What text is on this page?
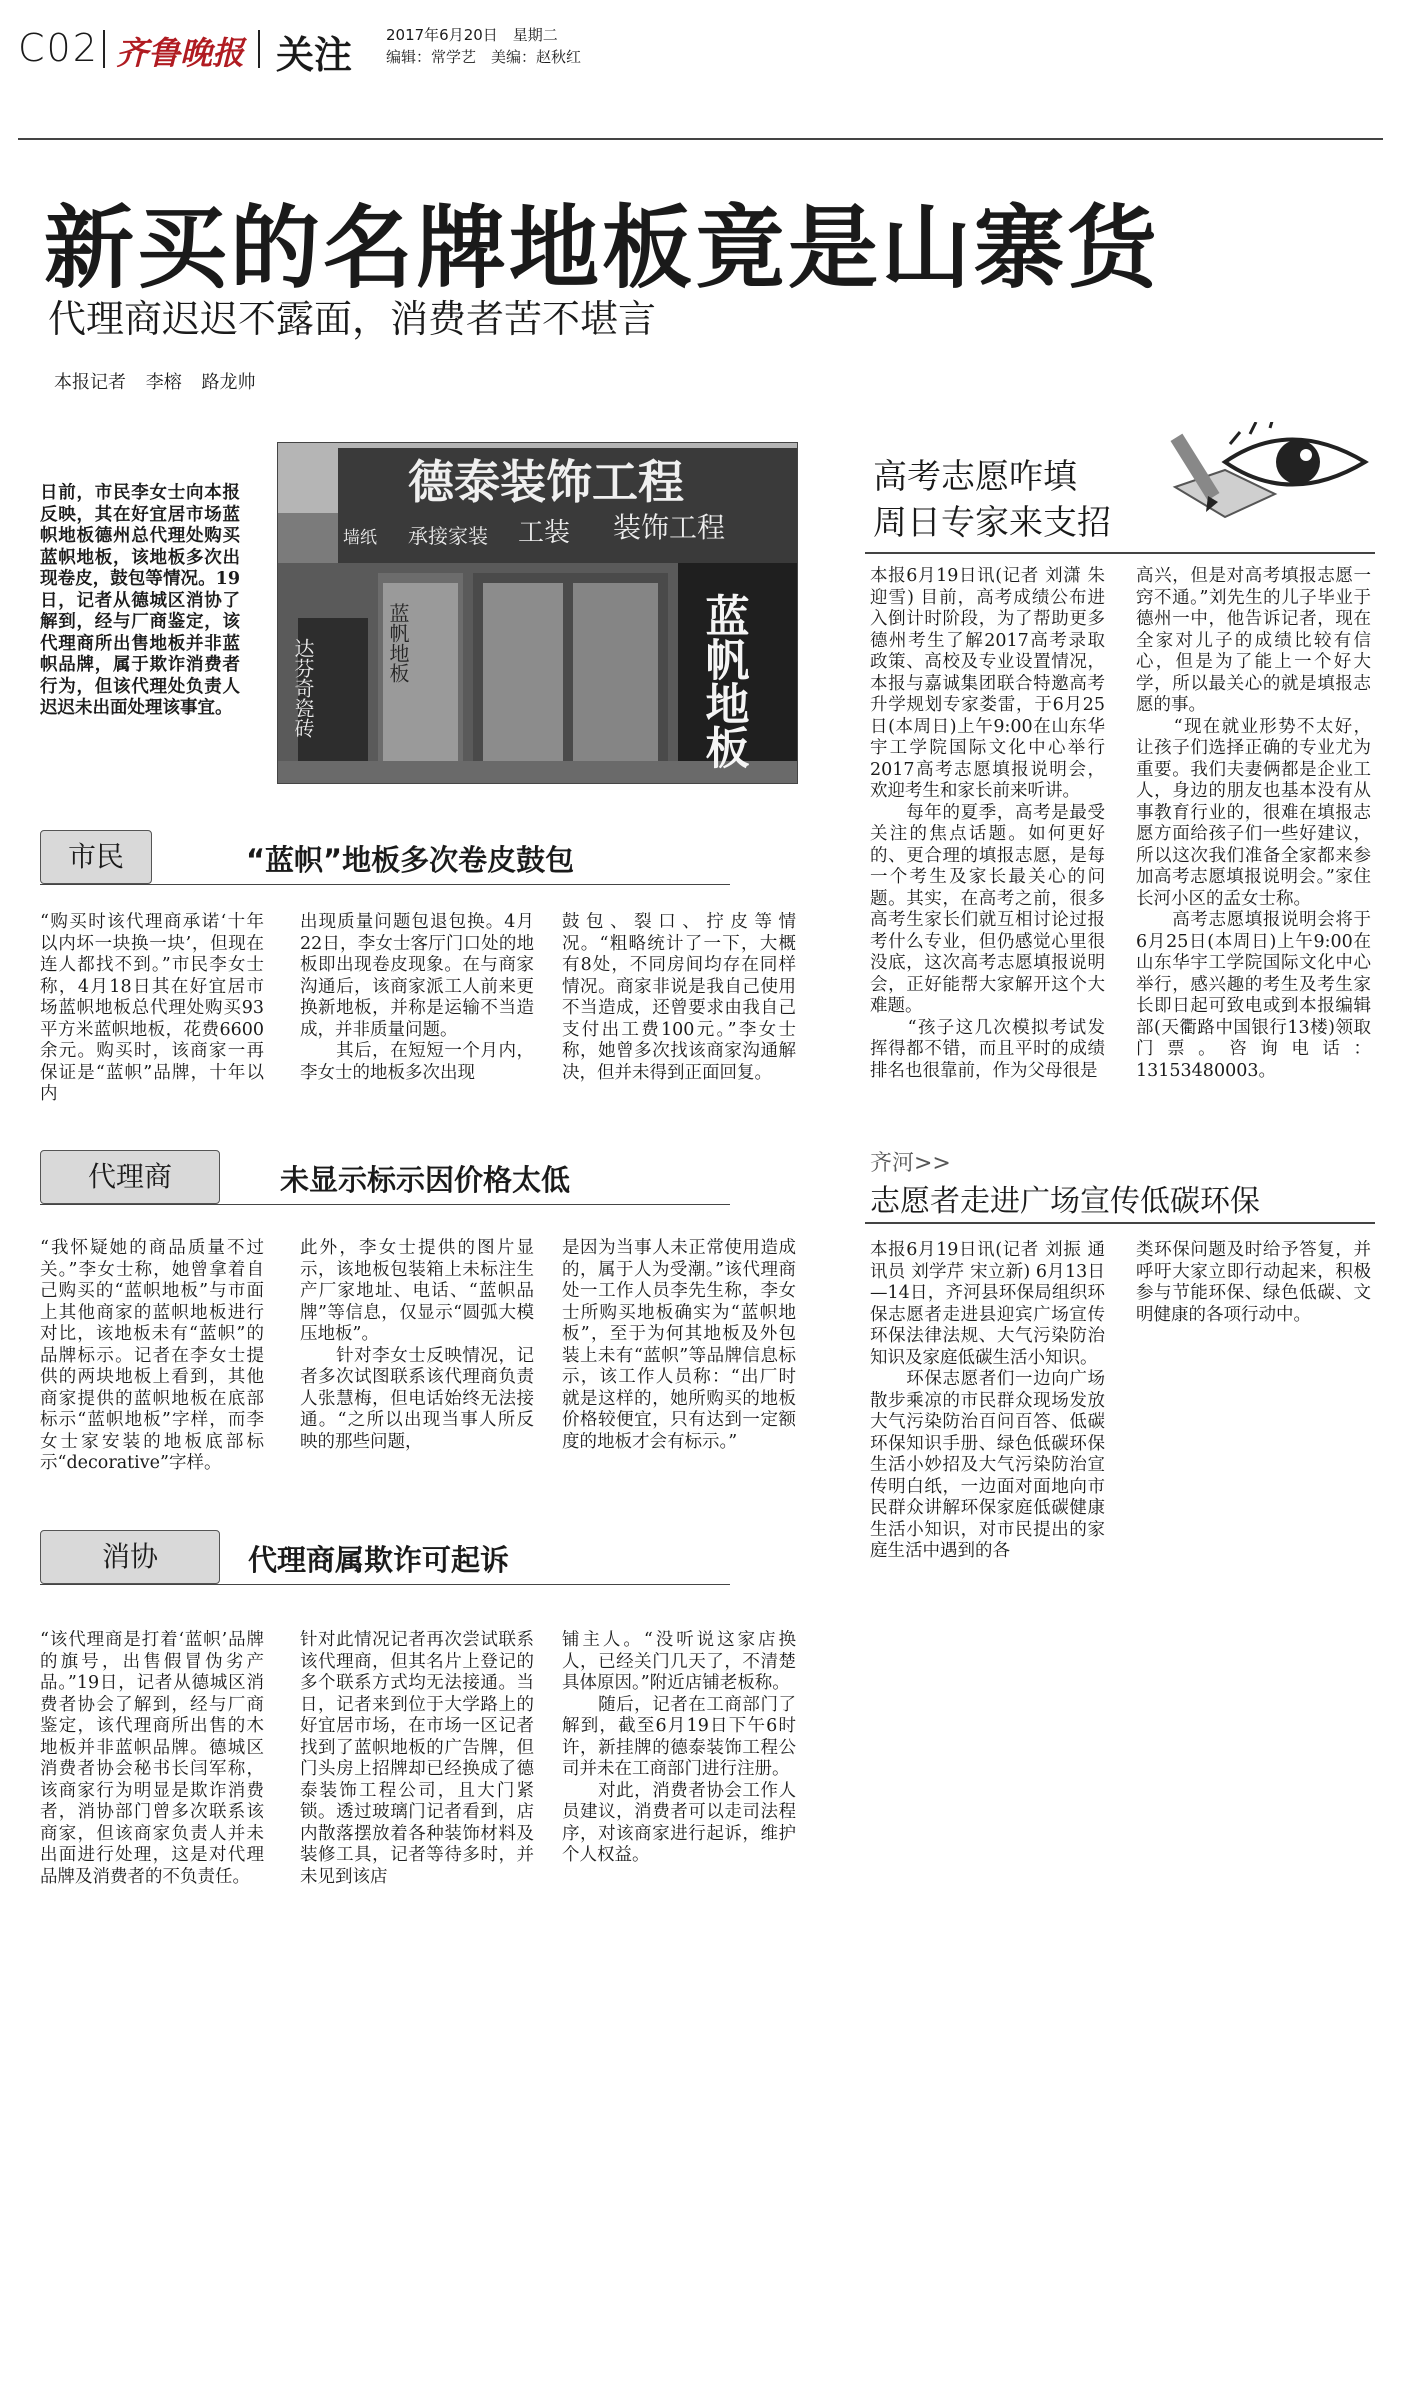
C02 齐鲁晚报 关注 2017年6月20日　星期二
编辑：常学艺　美编：赵秋红
新买的名牌地板竟是山寨货
代理商迟迟不露面，消费者苦不堪言
本报记者 李榕 路龙帅
德泰装饰工程
墙纸 承接家装 工装 装饰工程
达芬奇瓷砖	蓝帆地板	蓝帆地板
日前，市民李女士向本报反映，其在好宜居市场蓝帜地板德州总代理处购买蓝帜地板，该地板多次出现卷皮，鼓包等情况。19日，记者从德城区消协了解到，经与厂商鉴定，该代理商所出售地板并非蓝帜品牌，属于欺诈消费者行为，但该代理处负责人迟迟未出面处理该事宜。
市民	“蓝帜”地板多次卷皮鼓包
“购买时该代理商承诺‘十年以内坏一块换一块’，但现在连人都找不到。”市民李女士称，4月18日其在好宜居市场蓝帜地板总代理处购买93平方米蓝帜地板，花费6600余元。购买时，该商家一再保证是“蓝帜”品牌，十年以内
出现质量问题包退包换。4月22日，李女士客厅门口处的地板即出现卷皮现象。在与商家沟通后，该商家派工人前来更换新地板，并称是运输不当造成，并非质量问题。
　　其后，在短短一个月内，李女士的地板多次出现
鼓包、裂口、拧皮等情况。“粗略统计了一下，大概有8处，不同房间均存在同样情况。商家非说是我自己使用不当造成，还曾要求由我自己支付出工费100元。”李女士称，她曾多次找该商家沟通解决，但并未得到正面回复。
代理商	未显示标示因价格太低
“我怀疑她的商品质量不过关。”李女士称，她曾拿着自己购买的“蓝帜地板”与市面上其他商家的蓝帜地板进行对比，该地板未有“蓝帜”的品牌标示。记者在李女士提供的两块地板上看到，其他商家提供的蓝帜地板在底部标示“蓝帜地板”字样，而李女士家安装的地板底部标示“decorative”字样。
此外，李女士提供的图片显示，该地板包装箱上未标注生产厂家地址、电话、“蓝帜品牌”等信息，仅显示“圆弧大模压地板”。
　　针对李女士反映情况，记者多次试图联系该代理商负责人张慧梅，但电话始终无法接通。“之所以出现当事人所反映的那些问题，
是因为当事人未正常使用造成的，属于人为受潮。”该代理商处一工作人员李先生称，李女士所购买地板确实为“蓝帜地板”，至于为何其地板及外包装上未有“蓝帜”等品牌信息标示，该工作人员称：“出厂时就是这样的，她所购买的地板价格较便宜，只有达到一定额度的地板才会有标示。”
消协	代理商属欺诈可起诉
“该代理商是打着‘蓝帜’品牌的旗号，出售假冒伪劣产品。”19日，记者从德城区消费者协会了解到，经与厂商鉴定，该代理商所出售的木地板并非蓝帜品牌。德城区消费者协会秘书长闫军称，该商家行为明显是欺诈消费者，消协部门曾多次联系该商家，但该商家负责人并未出面进行处理，这是对代理品牌及消费者的不负责任。
针对此情况记者再次尝试联系该代理商，但其名片上登记的多个联系方式均无法接通。当日，记者来到位于大学路上的好宜居市场，在市场一区记者找到了蓝帜地板的广告牌，但门头房上招牌却已经换成了德泰装饰工程公司，且大门紧锁。透过玻璃门记者看到，店内散落摆放着各种装饰材料及装修工具，记者等待多时，并未见到该店
铺主人。“没听说这家店换人，已经关门几天了，不清楚具体原因。”附近店铺老板称。
　　随后，记者在工商部门了解到，截至6月19日下午6时许，新挂牌的德泰装饰工程公司并未在工商部门进行注册。
　　对此，消费者协会工作人员建议，消费者可以走司法程序，对该商家进行起诉，维护个人权益。
高考志愿咋填
周日专家来支招
本报6月19日讯(记者 刘潇 朱迎雪) 目前，高考成绩公布进入倒计时阶段，为了帮助更多德州考生了解2017高考录取政策、高校及专业设置情况，本报与嘉诚集团联合特邀高考升学规划专家娄雷，于6月25日(本周日)上午9:00在山东华宇工学院国际文化中心举行2017高考志愿填报说明会，欢迎考生和家长前来听讲。
　　每年的夏季，高考是最受关注的焦点话题。如何更好的、更合理的填报志愿，是每一个考生及家长最关心的问题。其实，在高考之前，很多高考生家长们就互相讨论过报考什么专业，但仍感觉心里很没底，这次高考志愿填报说明会，正好能帮大家解开这个大难题。
　　“孩子这几次模拟考试发挥得都不错，而且平时的成绩排名也很靠前，作为父母很是
高兴，但是对高考填报志愿一窍不通。”刘先生的儿子毕业于德州一中，他告诉记者，现在全家对儿子的成绩比较有信心，但是为了能上一个好大学，所以最关心的就是填报志愿的事。
　　“现在就业形势不太好，让孩子们选择正确的专业尤为重要。我们夫妻俩都是企业工人，身边的朋友也基本没有从事教育行业的，很难在填报志愿方面给孩子们一些好建议，所以这次我们准备全家都来参加高考志愿填报说明会。”家住长河小区的孟女士称。
　　高考志愿填报说明会将于6月25日(本周日)上午9:00在山东华宇工学院国际文化中心举行，感兴趣的考生及考生家长即日起可致电或到本报编辑部(天衢路中国银行13楼)领取门票。咨询电话：13153480003。
齐河>>
志愿者走进广场宣传低碳环保
本报6月19日讯(记者 刘振 通讯员 刘学芹 宋立新) 6月13日—14日，齐河县环保局组织环保志愿者走进县迎宾广场宣传环保法律法规、大气污染防治知识及家庭低碳生活小知识。
　　环保志愿者们一边向广场散步乘凉的市民群众现场发放大气污染防治百问百答、低碳环保知识手册、绿色低碳环保生活小妙招及大气污染防治宣传明白纸，一边面对面地向市民群众讲解环保家庭低碳健康生活小知识，对市民提出的家庭生活中遇到的各
类环保问题及时给予答复，并呼吁大家立即行动起来，积极参与节能环保、绿色低碳、文明健康的各项行动中。
